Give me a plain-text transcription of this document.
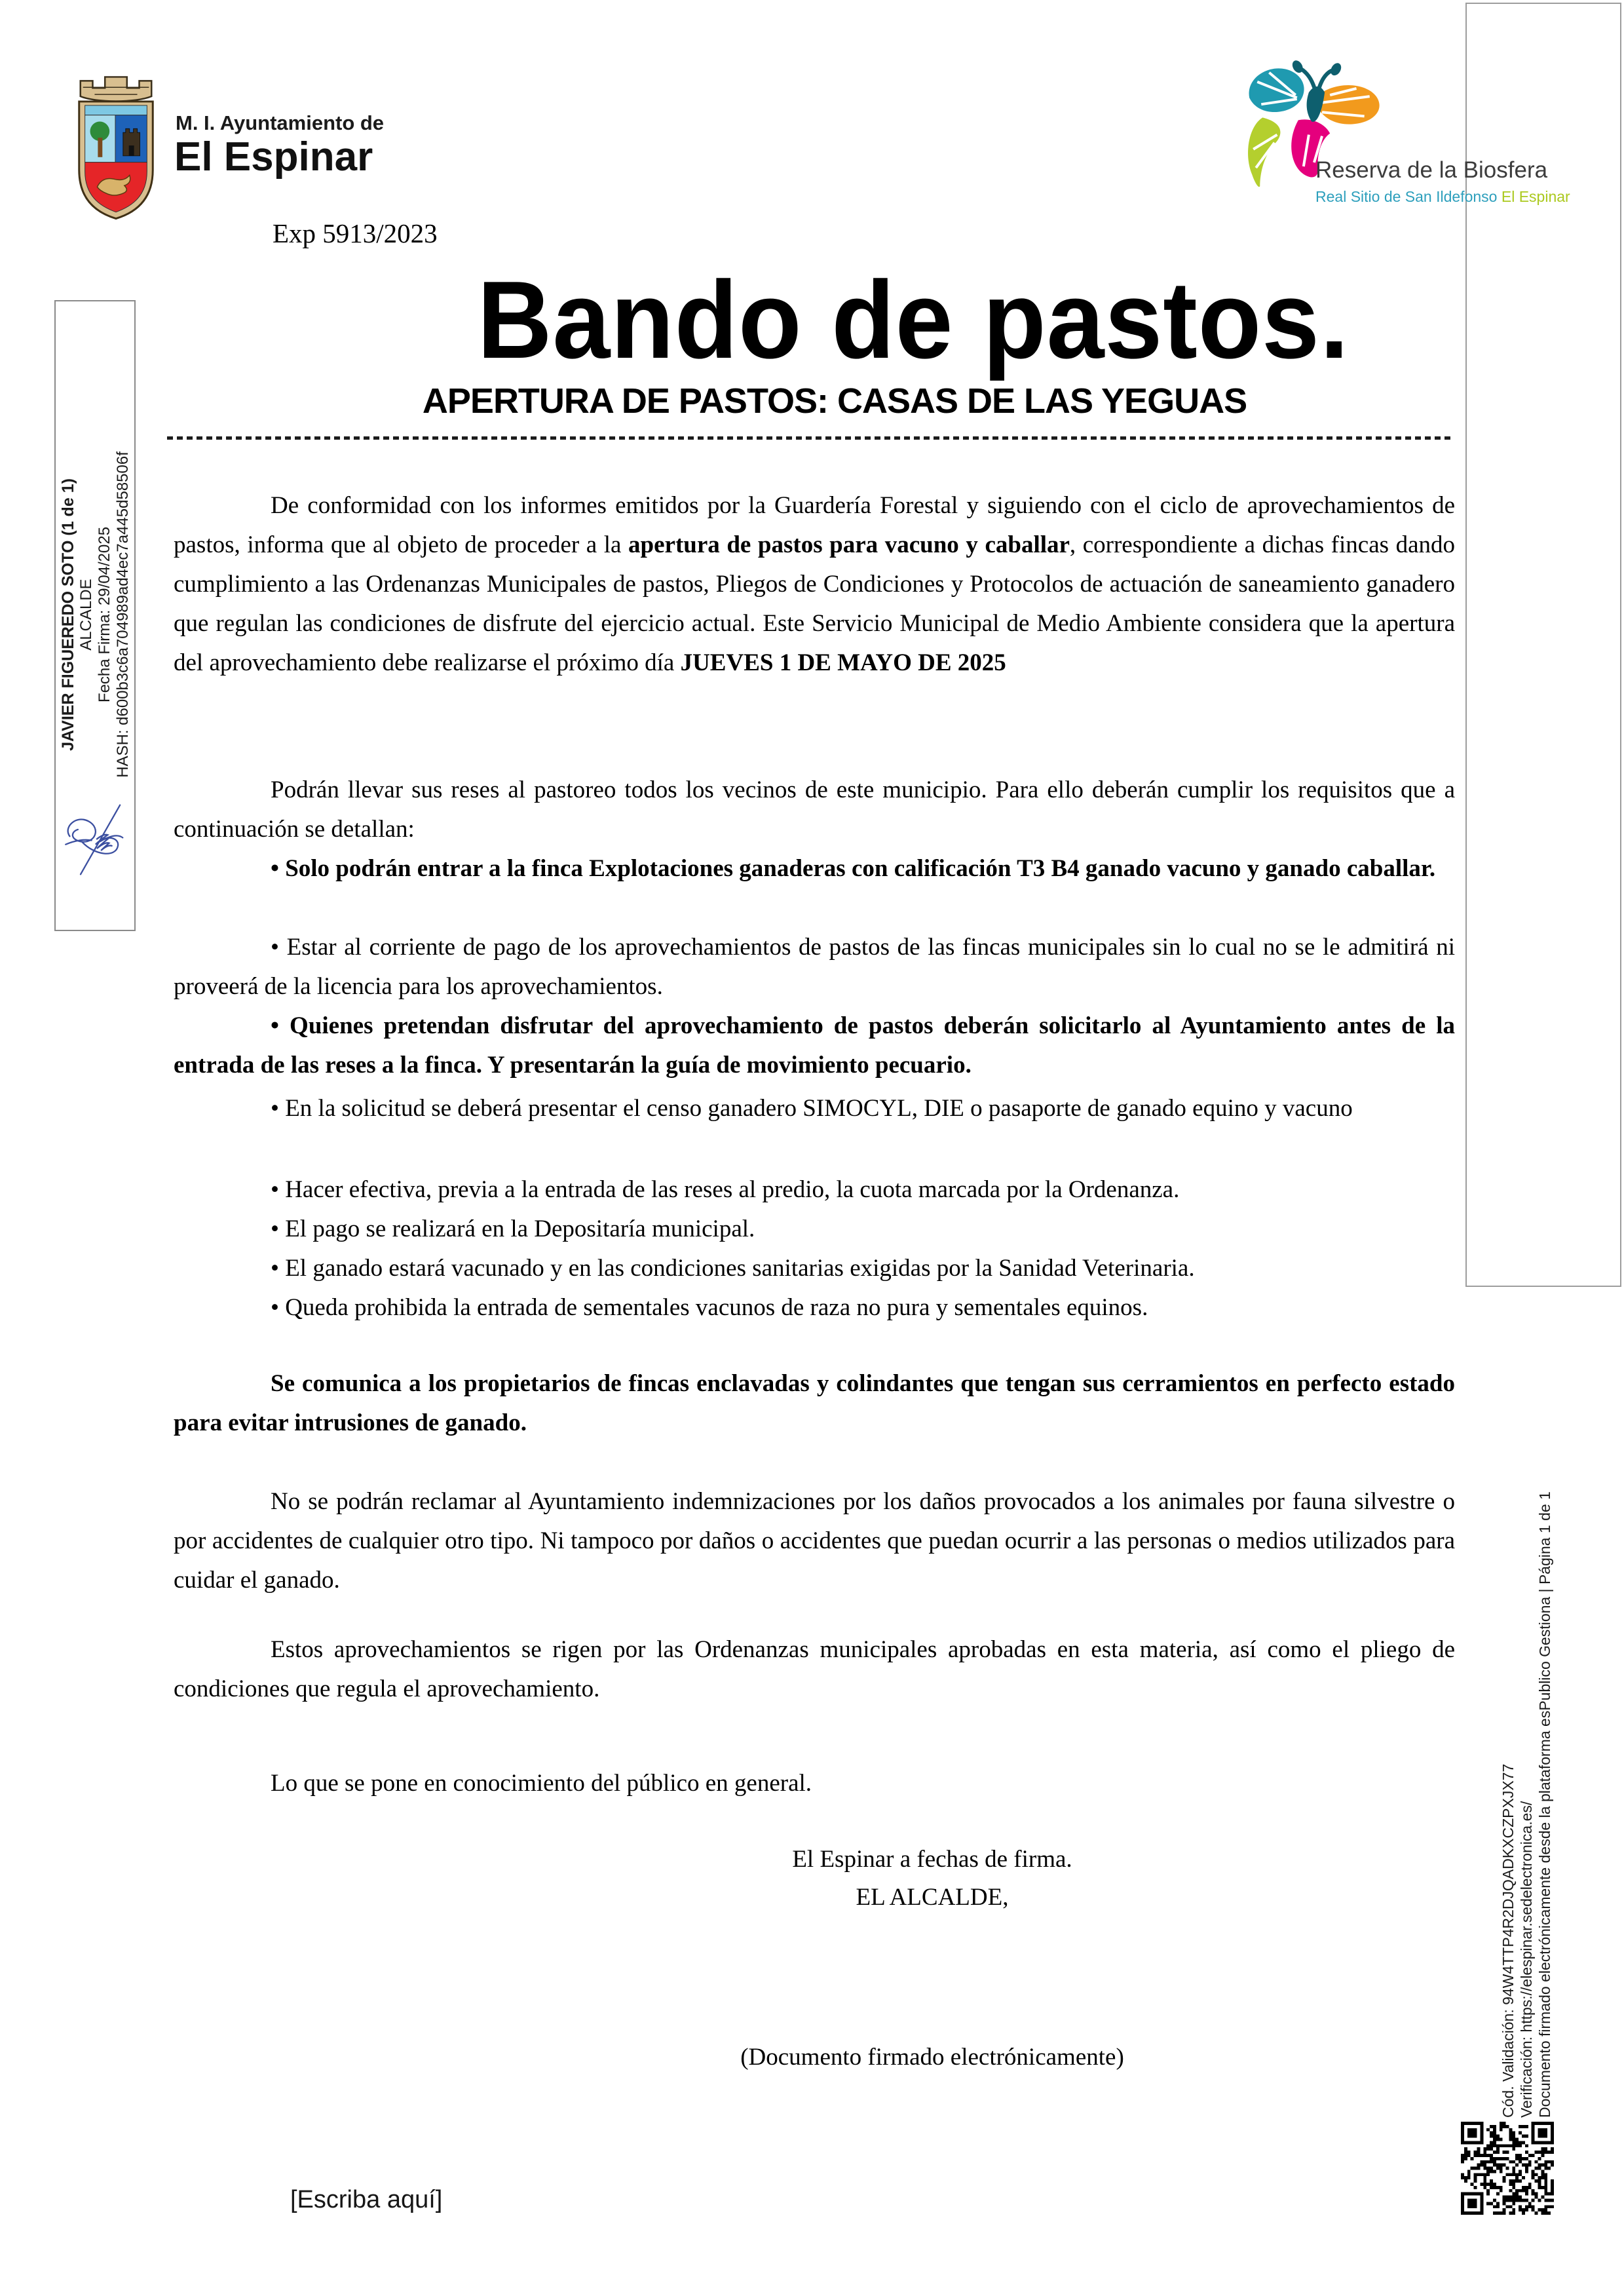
M. I. Ayuntamiento de
El Espinar
Exp 5913/2023
Reserva de la Biosfera
Real Sitio de San Ildefonso El Espinar
JAVIER FIGUEREDO SOTO (1 de 1) ALCALDE Fecha Firma: 29/04/2025 HASH: d600b3c6a704989ad4ec7a445d58506f
Bando de pastos.
APERTURA DE PASTOS: CASAS DE LAS YEGUAS

De conformidad con los informes emitidos por la Guardería Forestal y siguiendo con el ciclo de aprovechamientos de pastos, informa que al objeto de proceder a la apertura de pastos para vacuno y caballar, correspondiente a dichas fincas dando cumplimiento a las Ordenanzas Municipales de pastos, Pliegos de Condiciones y Protocolos de actuación de saneamiento ganadero que regulan las condiciones de disfrute del ejercicio actual. Este Servicio Municipal de Medio Ambiente considera que la apertura del aprovechamiento debe realizarse el próximo día JUEVES 1 DE MAYO DE 2025

Podrán llevar sus reses al pastoreo todos los vecinos de este municipio. Para ello deberán cumplir los requisitos que a continuación se detallan:

• Solo podrán entrar a la finca Explotaciones ganaderas con calificación T3 B4 ganado vacuno y ganado caballar.

• Estar al corriente de pago de los aprovechamientos de pastos de las fincas municipales sin lo cual no se le admitirá ni proveerá de la licencia para los aprovechamientos.

• Quienes pretendan disfrutar del aprovechamiento de pastos deberán solicitarlo al Ayuntamiento antes de la entrada de las reses a la finca. Y presentarán la guía de movimiento pecuario.

• En la solicitud se deberá presentar el censo ganadero SIMOCYL, DIE o pasaporte de ganado equino y vacuno

• Hacer efectiva, previa a la entrada de las reses al predio, la cuota marcada por la Ordenanza.

• El pago se realizará en la Depositaría municipal.

• El ganado estará vacunado y en las condiciones sanitarias exigidas por la Sanidad Veterinaria.

• Queda prohibida la entrada de sementales vacunos de raza no pura y sementales equinos.

Se comunica a los propietarios de fincas enclavadas y colindantes que tengan sus cerramientos en perfecto estado para evitar intrusiones de ganado.

No se podrán reclamar al Ayuntamiento indemnizaciones por los daños provocados a los animales por fauna silvestre o por accidentes de cualquier otro tipo. Ni tampoco por daños o accidentes que puedan ocurrir a las personas o medios utilizados para cuidar el ganado.

Estos aprovechamientos se rigen por las Ordenanzas municipales aprobadas en esta materia, así como el pliego de condiciones que regula el aprovechamiento.

Lo que se pone en conocimiento del público en general.

El Espinar a fechas de firma.

EL ALCALDE,

(Documento firmado electrónicamente)

[Escriba aquí]
Cód. Validación: 94W4TTP4R2DJQADKXCZPXJX77 Verificación: https://elespinar.sedelectronica.es/ Documento firmado electrónicamente desde la plataforma esPublico Gestiona | Página 1 de 1
